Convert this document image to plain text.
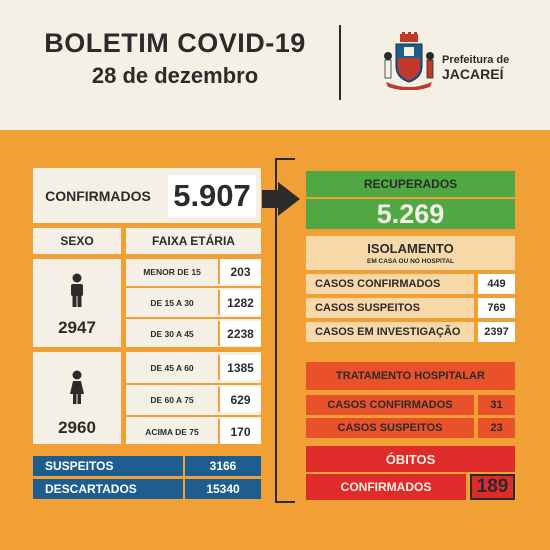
BOLETIM COVID-19
28 de dezembro
Prefeitura de
JACAREÍ
CONFIRMADOS 5.907
SEXO	FAIXA ETÁRIA
2947
2960
MENOR DE 15	203
DE 15 A 30	1282
DE 30 A 45	2238
DE 45 A 60	1385
DE 60 A 75	629
ACIMA DE 75	170
SUSPEITOS	3166
DESCARTADOS	15340
RECUPERADOS
5.269
ISOLAMENTO
EM CASA OU NO HOSPITAL
CASOS CONFIRMADOS	449
CASOS SUSPEITOS	769
CASOS EM INVESTIGAÇÃO	2397
TRATAMENTO HOSPITALAR
CASOS CONFIRMADOS	31
CASOS SUSPEITOS	23
ÓBITOS
CONFIRMADOS	189
